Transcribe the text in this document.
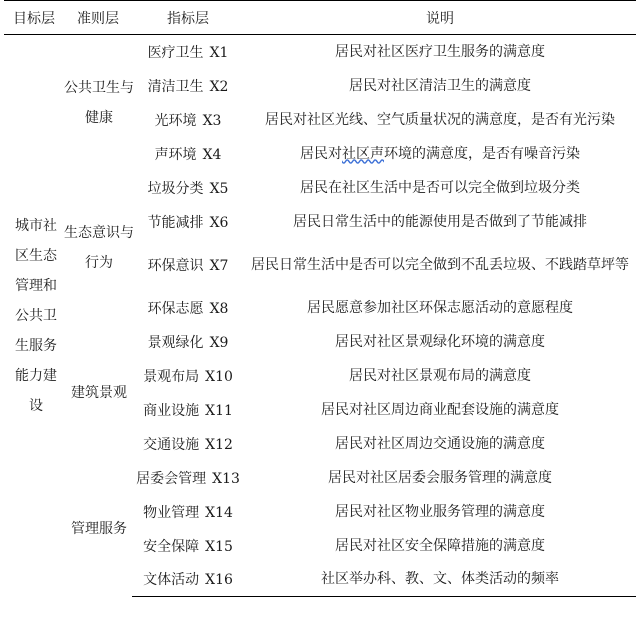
目标层	准则层	指标层	说明
城市社区生态管理和公共卫生服务能力建设	公共卫生与健康	医疗卫生 X1	居民对社区医疗卫生服务的满意度
		清洁卫生 X2	居民对社区清洁卫生的满意度
		光环境 X3	居民对社区光线、空气质量状况的满意度，是否有光污染
		声环境 X4	居民对社区声环境的满意度，是否有噪音污染
	生态意识与行为	垃圾分类 X5	居民在社区生活中是否可以完全做到垃圾分类
		节能减排 X6	居民日常生活中的能源使用是否做到了节能减排
		环保意识 X7	居民日常生活中是否可以完全做到不乱丢垃圾、不践踏草坪等
		环保志愿 X8	居民愿意参加社区环保志愿活动的意愿程度
	建筑景观	景观绿化 X9	居民对社区景观绿化环境的满意度
		景观布局 X10	居民对社区景观布局的满意度
		商业设施 X11	居民对社区周边商业配套设施的满意度
		交通设施 X12	居民对社区周边交通设施的满意度
	管理服务	居委会管理 X13	居民对社区居委会服务管理的满意度
		物业管理 X14	居民对社区物业服务管理的满意度
		安全保障 X15	居民对社区安全保障措施的满意度
		文体活动 X16	社区举办科、教、文、体类活动的频率
